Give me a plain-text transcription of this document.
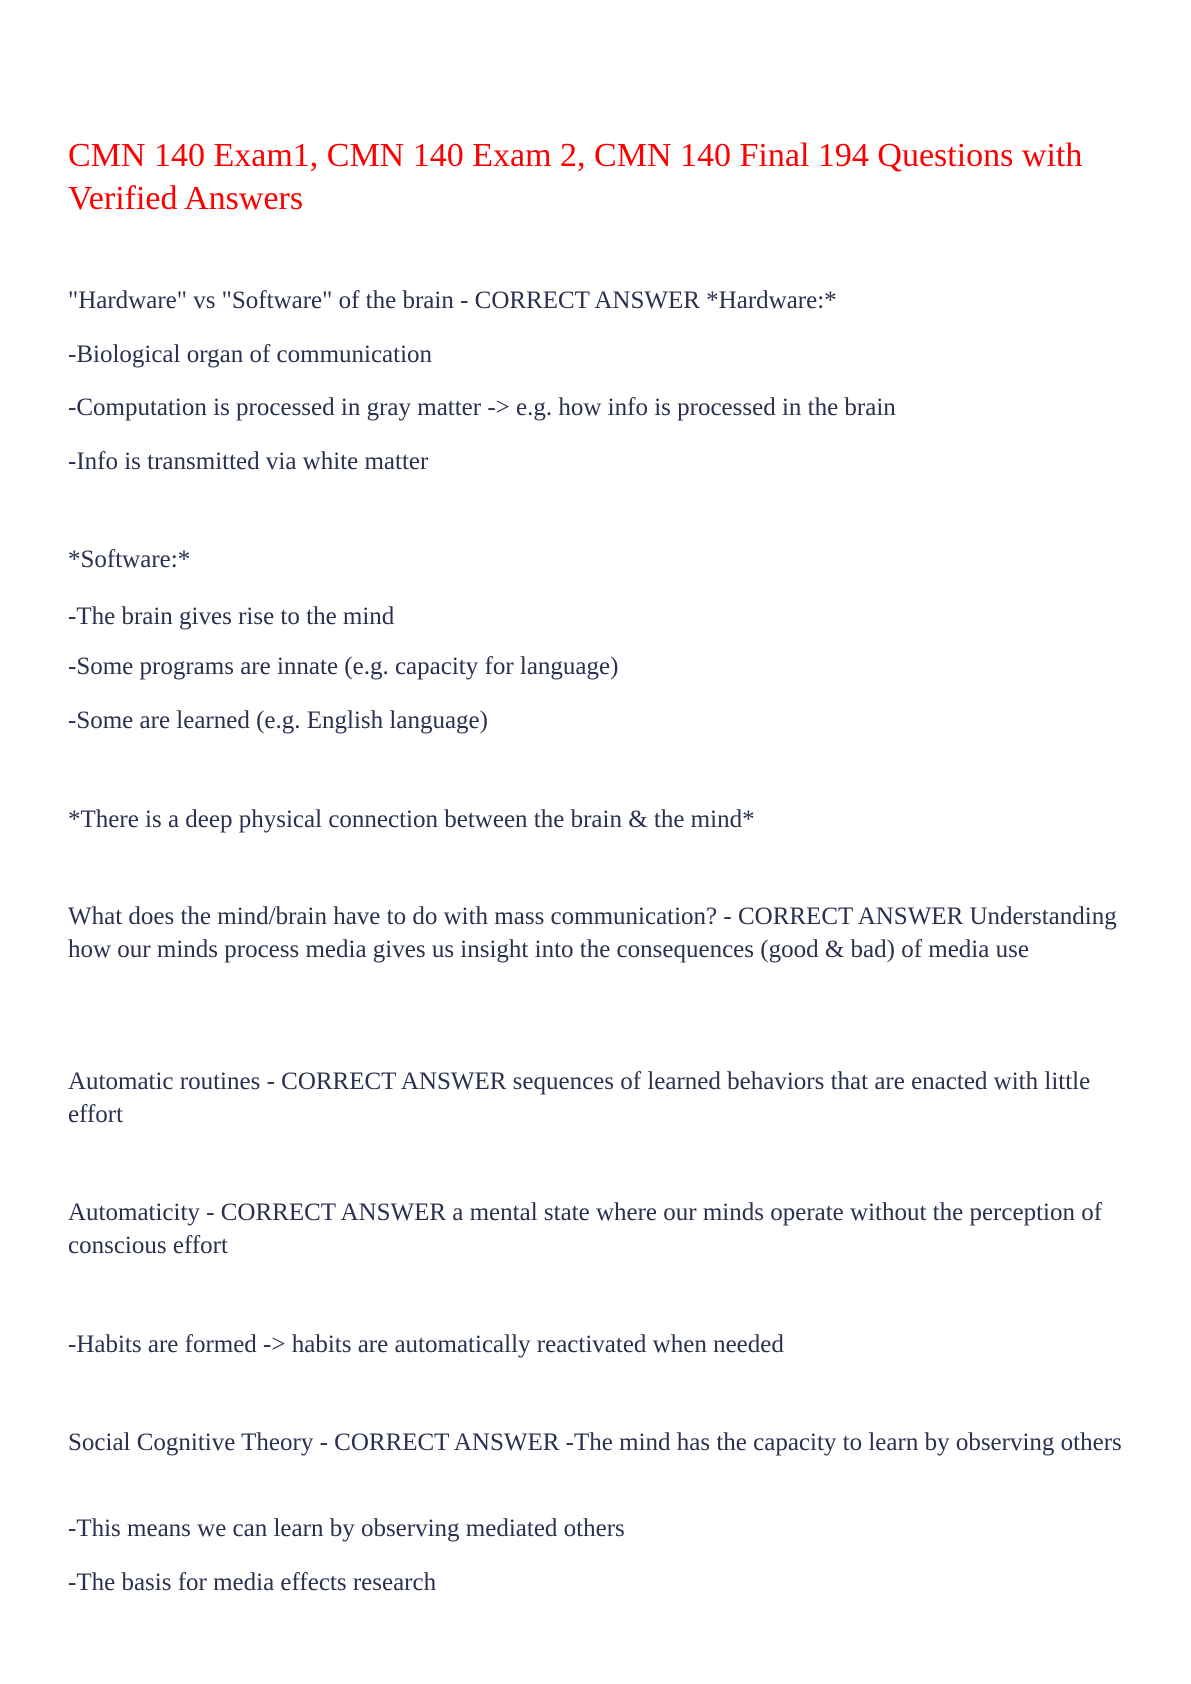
CMN 140 Exam1, CMN 140 Exam 2, CMN 140 Final 194 Questions with Verified Answers

"Hardware" vs "Software" of the brain - CORRECT ANSWER *Hardware:*

-Biological organ of communication

-Computation is processed in gray matter -> e.g. how info is processed in the brain

-Info is transmitted via white matter

*Software:*

-The brain gives rise to the mind

-Some programs are innate (e.g. capacity for language)

-Some are learned (e.g. English language)

*There is a deep physical connection between the brain & the mind*

What does the mind/brain have to do with mass communication? - CORRECT ANSWER Understanding how our minds process media gives us insight into the consequences (good & bad) of media use

Automatic routines - CORRECT ANSWER sequences of learned behaviors that are enacted with little effort

Automaticity - CORRECT ANSWER a mental state where our minds operate without the perception of conscious effort

-Habits are formed -> habits are automatically reactivated when needed

Social Cognitive Theory - CORRECT ANSWER -The mind has the capacity to learn by observing others

-This means we can learn by observing mediated others

-The basis for media effects research
